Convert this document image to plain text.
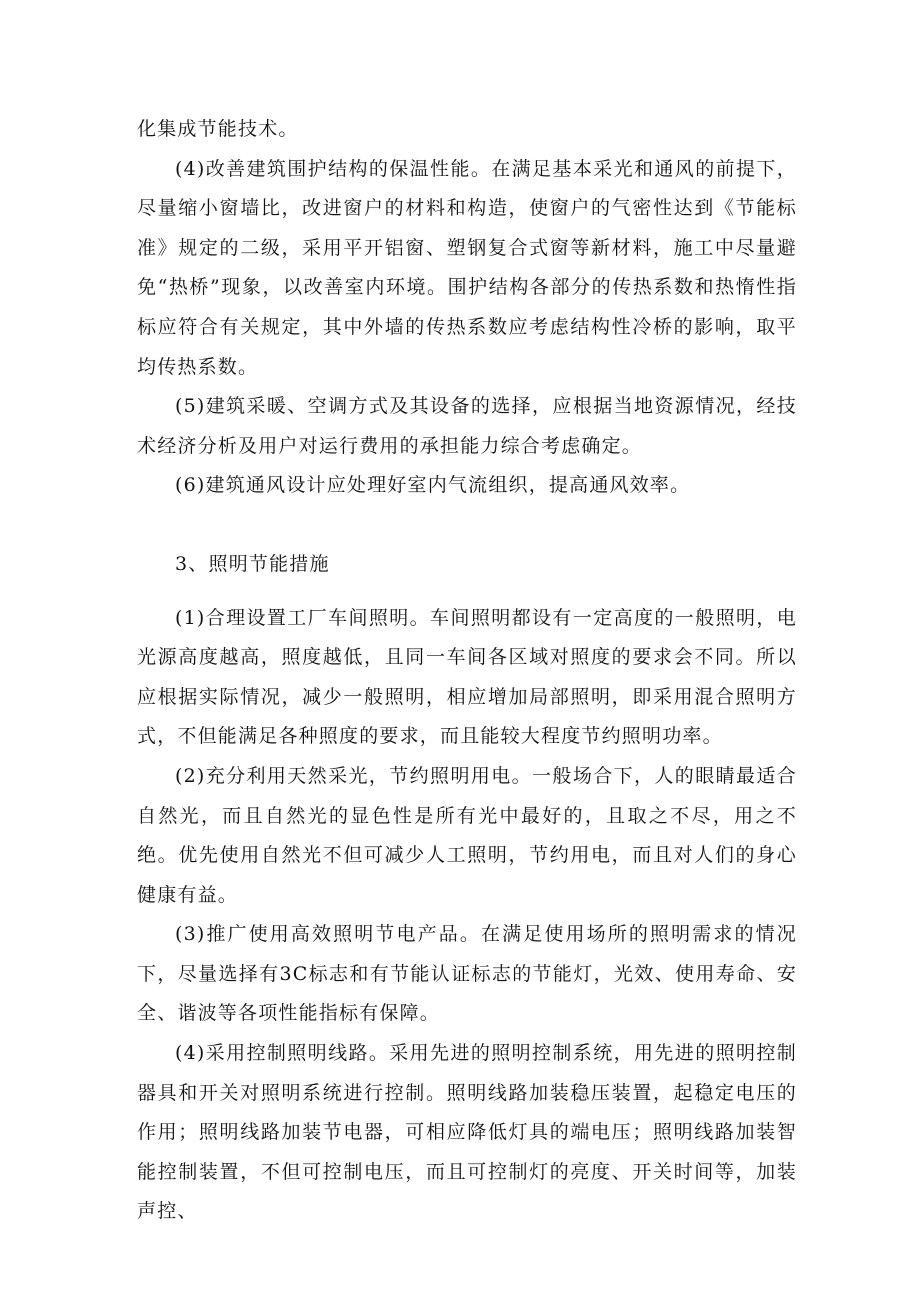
化集成节能技术。

(4)改善建筑围护结构的保温性能。在满足基本采光和通风的前提下，尽量缩小窗墙比，改进窗户的材料和构造，使窗户的气密性达到《节能标准》规定的二级，采用平开铝窗、塑钢复合式窗等新材料，施工中尽量避免“热桥”现象，以改善室内环境。围护结构各部分的传热系数和热惰性指标应符合有关规定，其中外墙的传热系数应考虑结构性冷桥的影响，取平均传热系数。

(5)建筑采暖、空调方式及其设备的选择，应根据当地资源情况，经技术经济分析及用户对运行费用的承担能力综合考虑确定。

(6)建筑通风设计应处理好室内气流组织，提高通风效率。

3、照明节能措施

(1)合理设置工厂车间照明。车间照明都设有一定高度的一般照明，电光源高度越高，照度越低，且同一车间各区域对照度的要求会不同。所以应根据实际情况，减少一般照明，相应增加局部照明，即采用混合照明方式，不但能满足各种照度的要求，而且能较大程度节约照明功率。

(2)充分利用天然采光，节约照明用电。一般场合下，人的眼睛最适合自然光，而且自然光的显色性是所有光中最好的，且取之不尽，用之不绝。优先使用自然光不但可减少人工照明，节约用电，而且对人们的身心健康有益。

(3)推广使用高效照明节电产品。在满足使用场所的照明需求的情况下，尽量选择有3C标志和有节能认证标志的节能灯，光效、使用寿命、安全、谐波等各项性能指标有保障。

(4)采用控制照明线路。采用先进的照明控制系统，用先进的照明控制器具和开关对照明系统进行控制。照明线路加装稳压装置，起稳定电压的作用；照明线路加装节电器，可相应降低灯具的端电压；照明线路加装智能控制装置，不但可控制电压，而且可控制灯的亮度、开关时间等，加装声控、
